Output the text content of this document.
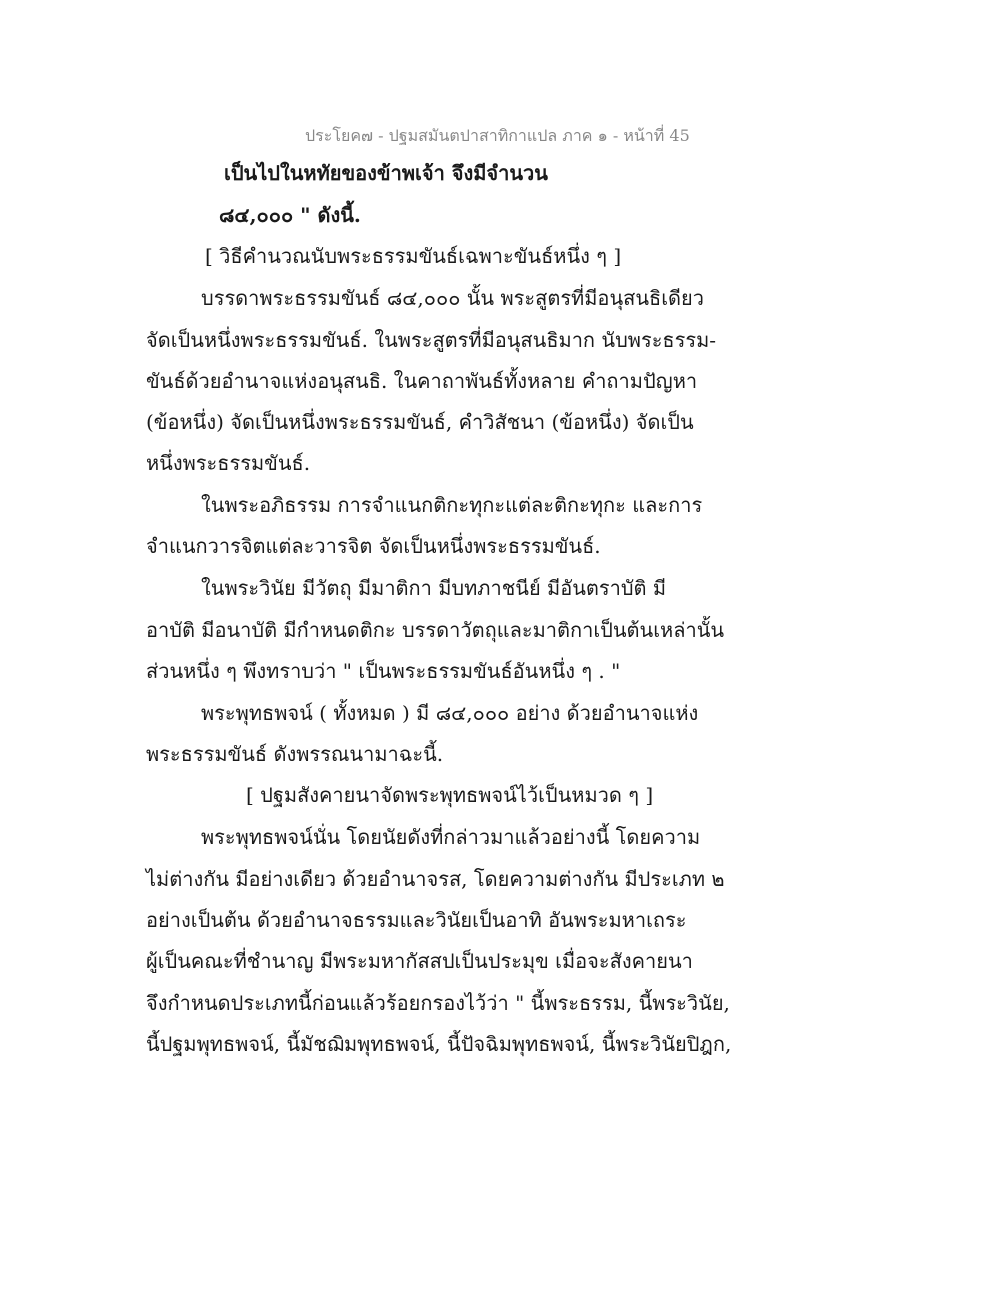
ประโยค๗ - ปฐมสมันตปาสาทิกาแปล ภาค ๑ - หน้าที่ 45
เป็นไปในหทัยของข้าพเจ้า จึงมีจำนวน
๘๔,๐๐๐ " ดังนี้.
[ วิธีคำนวณนับพระธรรมขันธ์เฉพาะขันธ์หนึ่ง ๆ ]
บรรดาพระธรรมขันธ์ ๘๔,๐๐๐ นั้น พระสูตรที่มีอนุสนธิเดียว
จัดเป็นหนึ่งพระธรรมขันธ์. ในพระสูตรที่มีอนุสนธิมาก นับพระธรรม-
ขันธ์ด้วยอำนาจแห่งอนุสนธิ. ในคาถาพันธ์ทั้งหลาย คำถามปัญหา
(ข้อหนึ่ง) จัดเป็นหนึ่งพระธรรมขันธ์, คำวิสัชนา (ข้อหนึ่ง) จัดเป็น
หนึ่งพระธรรมขันธ์.
ในพระอภิธรรม การจำแนกติกะทุกะแต่ละติกะทุกะ และการ
จำแนกวารจิตแต่ละวารจิต จัดเป็นหนึ่งพระธรรมขันธ์.
ในพระวินัย มีวัตถุ มีมาติกา มีบทภาชนีย์ มีอันตราบัติ มี
อาบัติ มีอนาบัติ มีกำหนดติกะ บรรดาวัตถุและมาติกาเป็นต้นเหล่านั้น
ส่วนหนึ่ง ๆ พึงทราบว่า " เป็นพระธรรมขันธ์อันหนึ่ง ๆ . "
พระพุทธพจน์ ( ทั้งหมด ) มี ๘๔,๐๐๐ อย่าง ด้วยอำนาจแห่ง
พระธรรมขันธ์ ดังพรรณนามาฉะนี้.
[ ปฐมสังคายนาจัดพระพุทธพจน์ไว้เป็นหมวด ๆ ]
พระพุทธพจน์นั่น โดยนัยดังที่กล่าวมาแล้วอย่างนี้ โดยความ
ไม่ต่างกัน มีอย่างเดียว ด้วยอำนาจรส, โดยความต่างกัน มีประเภท ๒
อย่างเป็นต้น ด้วยอำนาจธรรมและวินัยเป็นอาทิ อันพระมหาเถระ
ผู้เป็นคณะที่ชำนาญ มีพระมหากัสสปเป็นประมุข เมื่อจะสังคายนา
จึงกำหนดประเภทนี้ก่อนแล้วร้อยกรองไว้ว่า " นี้พระธรรม, นี้พระวินัย,
นี้ปฐมพุทธพจน์, นี้มัชฌิมพุทธพจน์, นี้ปัจฉิมพุทธพจน์, นี้พระวินัยปิฎก,
